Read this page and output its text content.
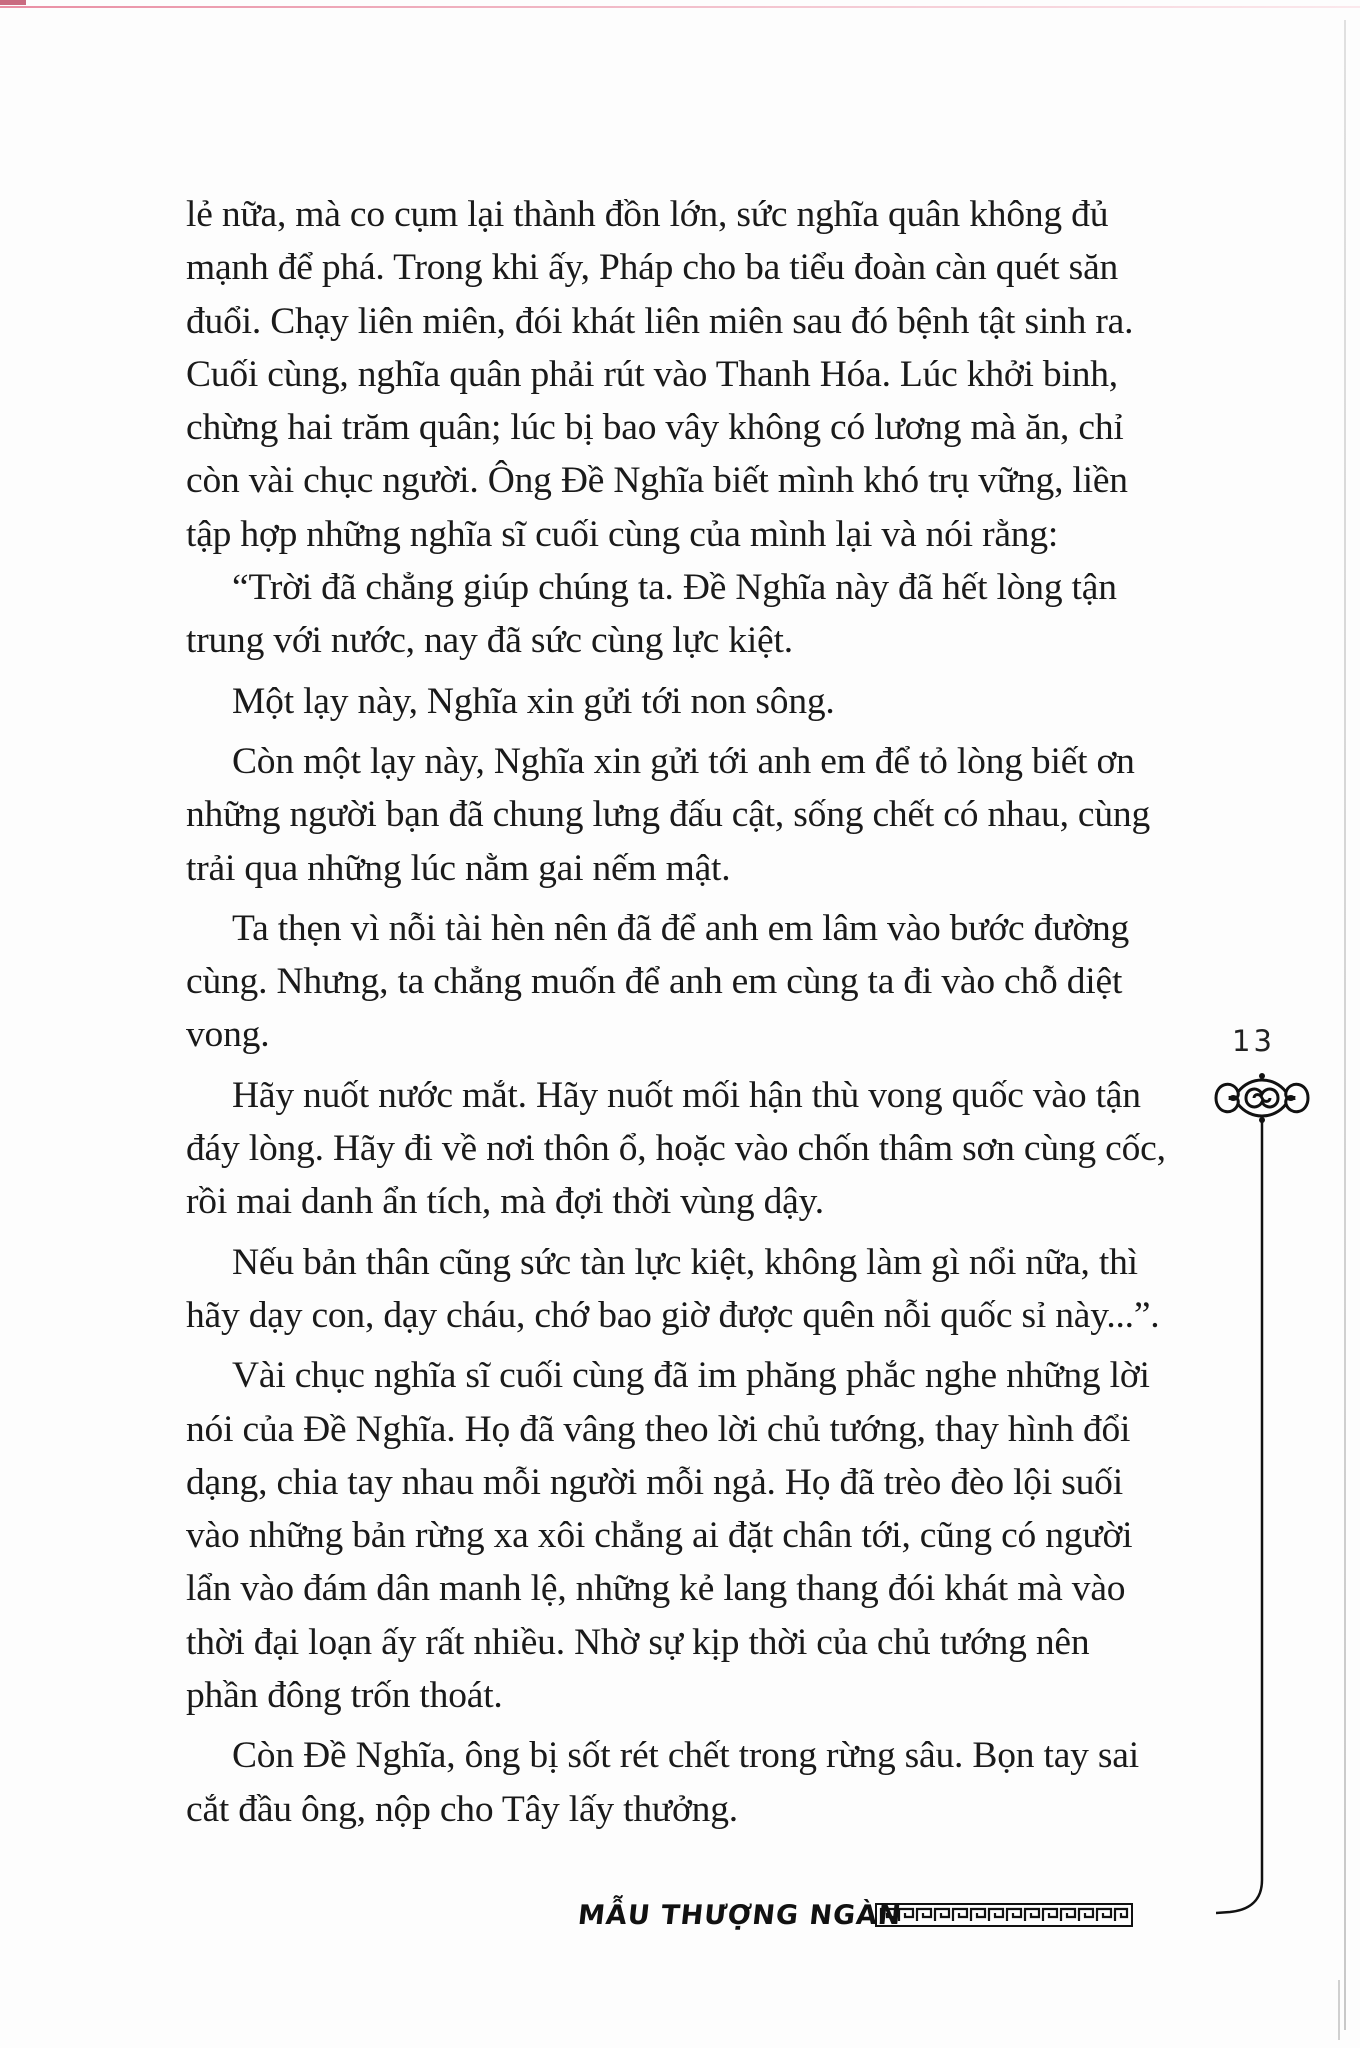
lẻ nữa, mà co cụm lại thành đồn lớn, sức nghĩa quân không đủ mạnh để phá. Trong khi ấy, Pháp cho ba tiểu đoàn càn quét săn đuổi. Chạy liên miên, đói khát liên miên sau đó bệnh tật sinh ra. Cuối cùng, nghĩa quân phải rút vào Thanh Hóa. Lúc khởi binh, chừng hai trăm quân; lúc bị bao vây không có lương mà ăn, chỉ còn vài chục người. Ông Đề Nghĩa biết mình khó trụ vững, liền tập hợp những nghĩa sĩ cuối cùng của mình lại và nói rằng:

“Trời đã chẳng giúp chúng ta. Đề Nghĩa này đã hết lòng tận trung với nước, nay đã sức cùng lực kiệt.

Một lạy này, Nghĩa xin gửi tới non sông.

Còn một lạy này, Nghĩa xin gửi tới anh em để tỏ lòng biết ơn những người bạn đã chung lưng đấu cật, sống chết có nhau, cùng trải qua những lúc nằm gai nếm mật.

Ta thẹn vì nỗi tài hèn nên đã để anh em lâm vào bước đường cùng. Nhưng, ta chẳng muốn để anh em cùng ta đi vào chỗ diệt vong.

Hãy nuốt nước mắt. Hãy nuốt mối hận thù vong quốc vào tận đáy lòng. Hãy đi về nơi thôn ổ, hoặc vào chốn thâm sơn cùng cốc, rồi mai danh ẩn tích, mà đợi thời vùng dậy.

Nếu bản thân cũng sức tàn lực kiệt, không làm gì nổi nữa, thì hãy dạy con, dạy cháu, chớ bao giờ được quên nỗi quốc sỉ này...”.

Vài chục nghĩa sĩ cuối cùng đã im phăng phắc nghe những lời nói của Đề Nghĩa. Họ đã vâng theo lời chủ tướng, thay hình đổi dạng, chia tay nhau mỗi người mỗi ngả. Họ đã trèo đèo lội suối vào những bản rừng xa xôi chẳng ai đặt chân tới, cũng có người lẩn vào đám dân manh lệ, những kẻ lang thang đói khát mà vào thời đại loạn ấy rất nhiều. Nhờ sự kịp thời của chủ tướng nên phần đông trốn thoát.

Còn Đề Nghĩa, ông bị sốt rét chết trong rừng sâu. Bọn tay sai cắt đầu ông, nộp cho Tây lấy thưởng.

13
MẪU THƯỢNG NGÀN
